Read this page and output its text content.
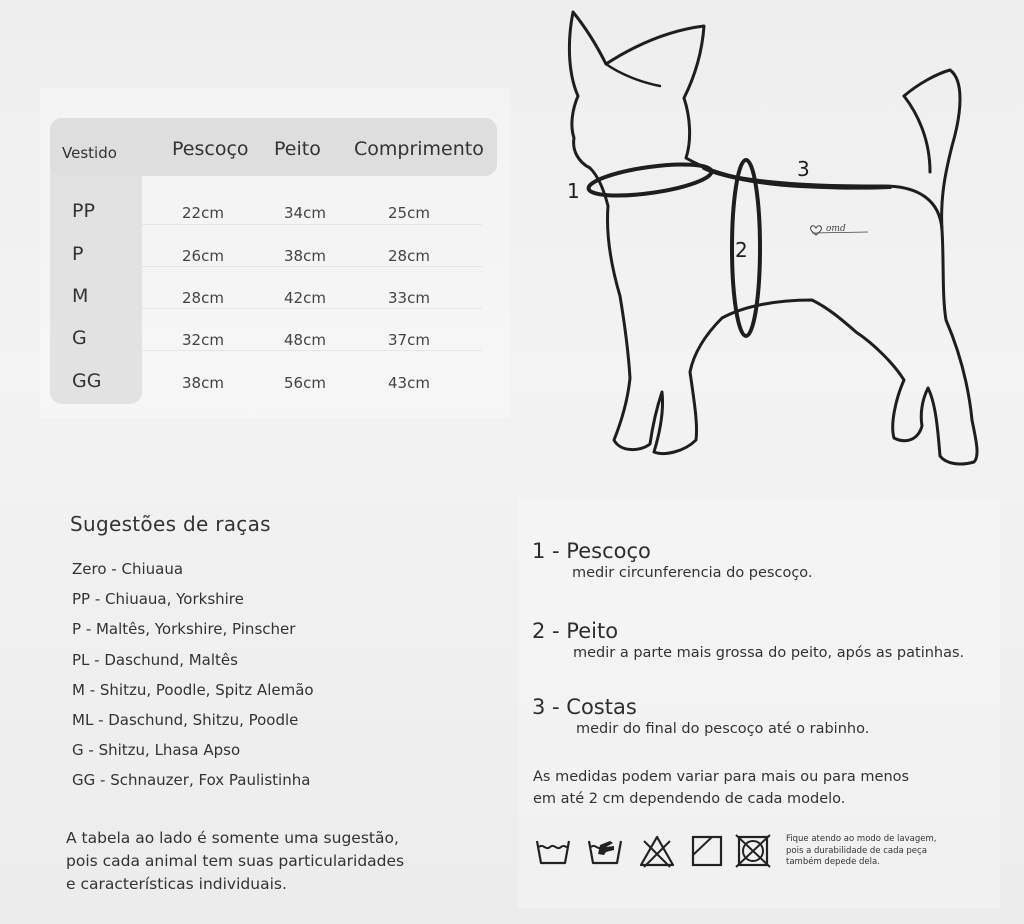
Vestido	Pescoço Peito Comprimento
PP	22cm	34cm	25cm
P	26cm	38cm	28cm
M	28cm	42cm	33cm
G	32cm	48cm	37cm
GG	38cm	56cm	43cm
1
2
3
omd
Sugestões de raças
Zero - Chiuaua
PP - Chiuaua, Yorkshire
P - Maltês, Yorkshire, Pinscher
PL - Daschund, Maltês
M - Shitzu, Poodle, Spitz Alemão
ML - Daschund, Shitzu, Poodle
G - Shitzu, Lhasa Apso
GG - Schnauzer, Fox Paulistinha
A tabela ao lado é somente uma sugestão,
pois cada animal tem suas particularidades
e características individuais.
1 - Pescoço
medir circunferencia do pescoço.
2 - Peito
medir a parte mais grossa do peito, após as patinhas.
3 - Costas
medir do final do pescoço até o rabinho.
As medidas podem variar para mais ou para menos
em até 2 cm dependendo de cada modelo.
Fique atendo ao modo de lavagem,
pois a durabilidade de cada peça
também depede dela.
